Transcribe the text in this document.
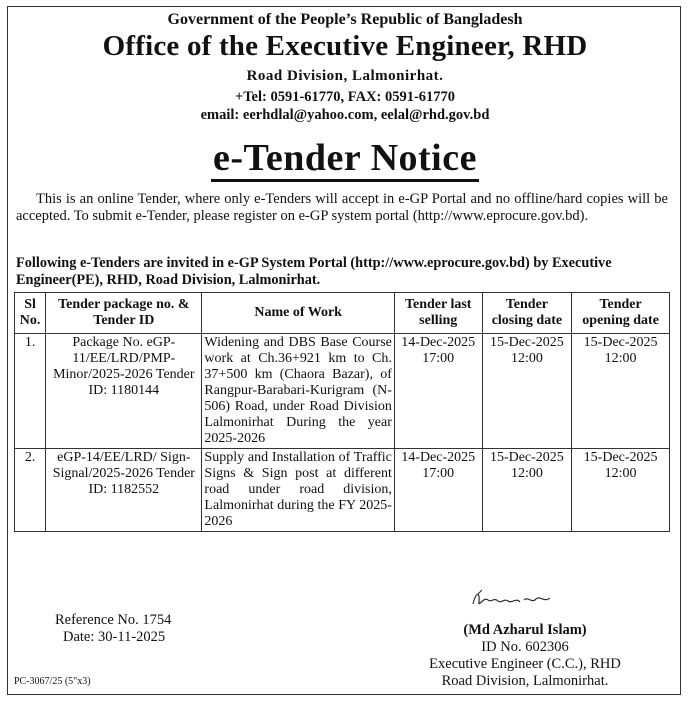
Government of the People’s Republic of Bangladesh
Office of the Executive Engineer, RHD
Road Division, Lalmonirhat.
+Tel: 0591-61770, FAX: 0591-61770
email: eerhdlal@yahoo.com, eelal@rhd.gov.bd
e-Tender Notice
This is an online Tender, where only e-Tenders will accept in e-GP Portal and no offline/hard copies will be accepted. To submit e-Tender, please register on e-GP system portal (http://www.eprocure.gov.bd).
Following e-Tenders are invited in e-GP System Portal (http://www.eprocure.gov.bd) by Executive Engineer(PE), RHD, Road Division, Lalmonirhat.
Sl No.	Tender package no. & Tender ID	Name of Work	Tender last selling	Tender closing date	Tender opening date
1.	Package No. eGP-11/EE/LRD/PMP-Minor/2025-2026 Tender ID: 1180144	Widening and DBS Base Course work at Ch.36+921 km to Ch. 37+500 km (Chaora Bazar), of Rangpur-Barabari-Kurigram (N-506) Road, under Road Division Lalmonirhat During the year 2025-2026	14-Dec-2025 17:00	15-Dec-2025 12:00	15-Dec-2025 12:00
2.	eGP-14/EE/LRD/ Sign-Signal/2025-2026 Tender ID: 1182552	Supply and Installation of Traffic Signs & Sign post at different road under road division, Lalmonirhat during the FY 2025-2026	14-Dec-2025 17:00	15-Dec-2025 12:00	15-Dec-2025 12:00
Reference No. 1754
Date: 30-11-2025	(Md Azharul Islam)
ID No. 602306
Executive Engineer (C.C.), RHD
Road Division, Lalmonirhat.
PC-3067/25 (5"x3)
